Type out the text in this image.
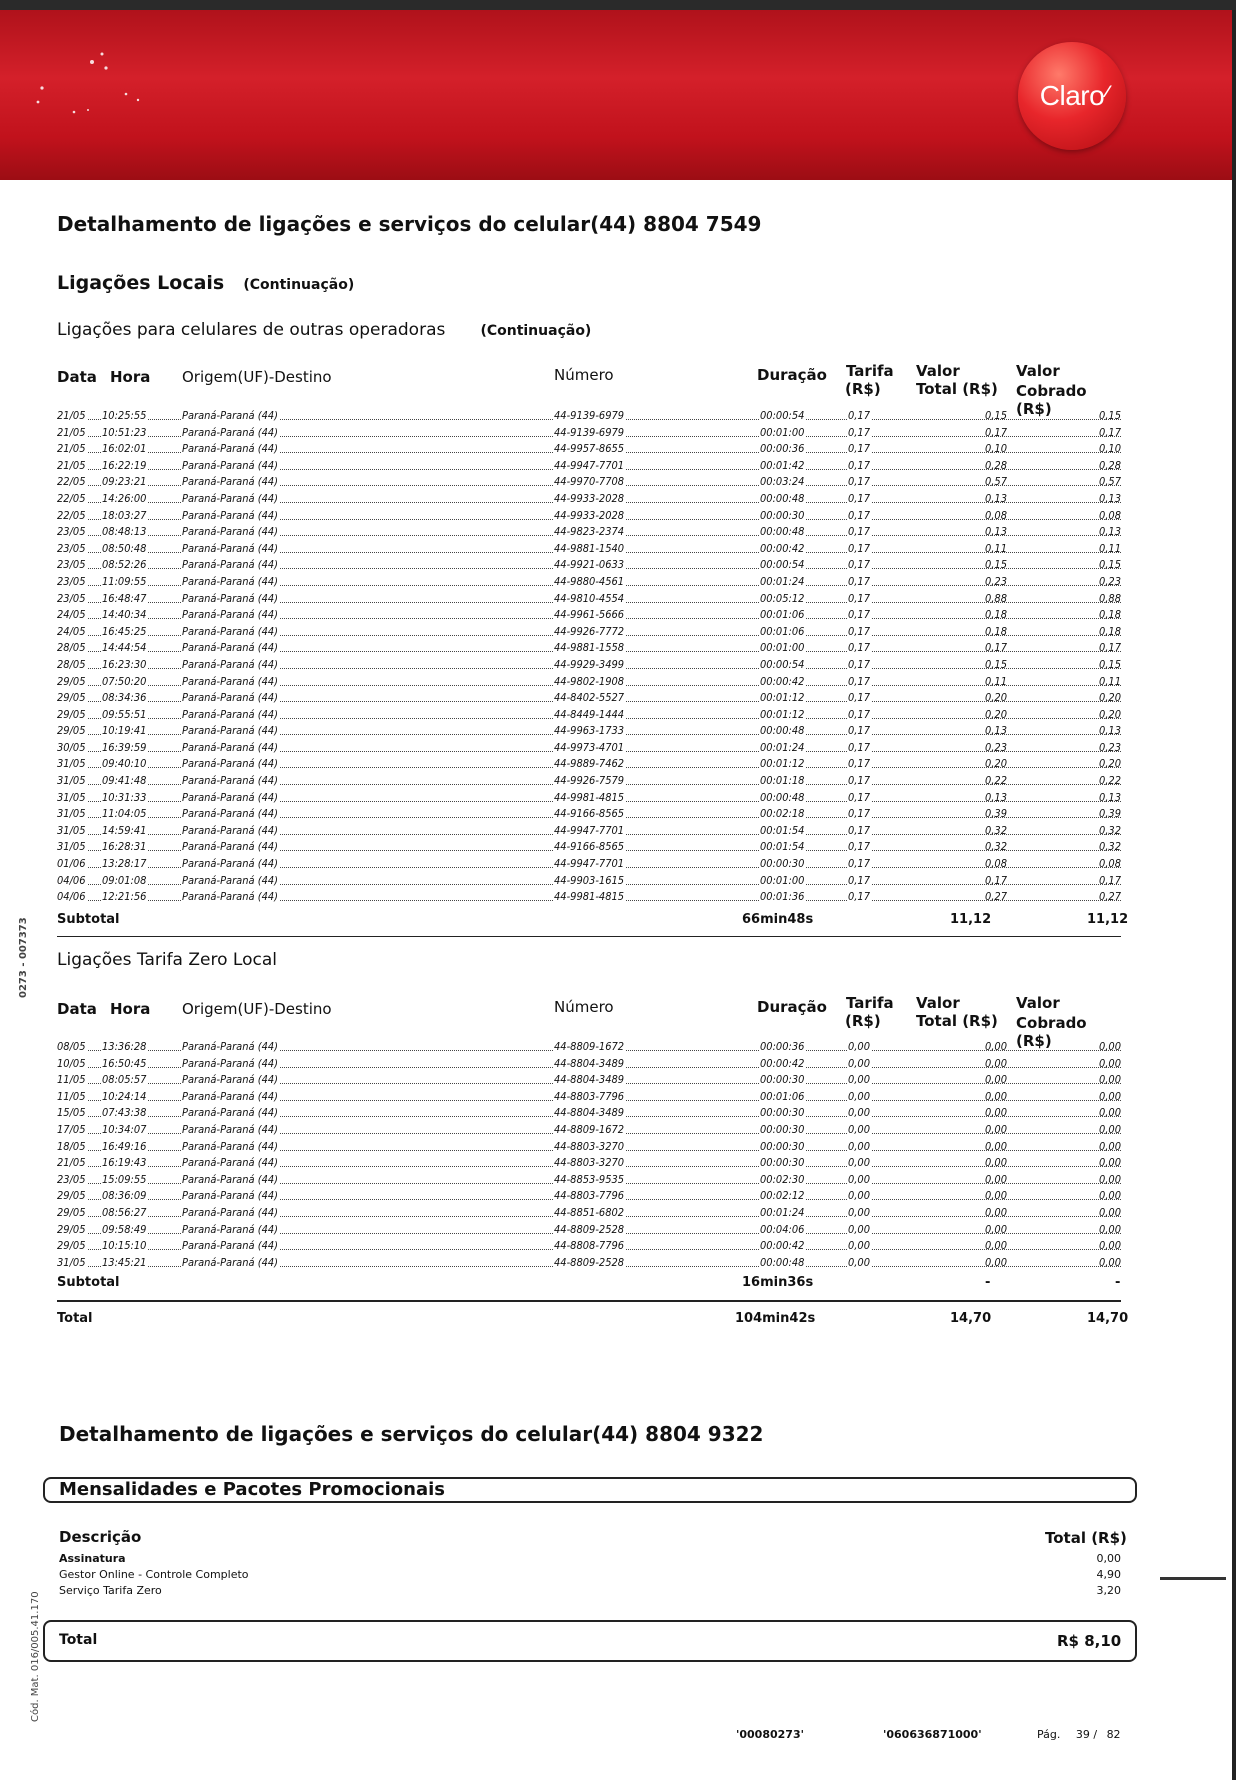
Claro ⁄
Detalhamento de ligações e serviços do celular(44) 8804 7549
Ligações Locais (Continuação)
Ligações para celulares de outras operadoras	(Continuação)
Data Hora Origem(UF)-Destino	Número	Duração Tarifa
(R$)
Valor
Total (R$)
Valor
Cobrado (R$)
21/05 10:25:55	Paraná-Paraná (44)	44-9139-6979	00:00:54	0,17	0,15	0,15
21/05 10:51:23	Paraná-Paraná (44)	44-9139-6979	00:01:00	0,17	0,17	0,17
21/05 16:02:01	Paraná-Paraná (44)	44-9957-8655	00:00:36	0,17	0,10	0,10
21/05 16:22:19	Paraná-Paraná (44)	44-9947-7701	00:01:42	0,17	0,28	0,28
22/05 09:23:21	Paraná-Paraná (44)	44-9970-7708	00:03:24	0,17	0,57	0,57
22/05 14:26:00	Paraná-Paraná (44)	44-9933-2028	00:00:48	0,17	0,13	0,13
22/05 18:03:27	Paraná-Paraná (44)	44-9933-2028	00:00:30	0,17	0,08	0,08
23/05 08:48:13	Paraná-Paraná (44)	44-9823-2374	00:00:48	0,17	0,13	0,13
23/05 08:50:48	Paraná-Paraná (44)	44-9881-1540	00:00:42	0,17	0,11	0,11
23/05 08:52:26	Paraná-Paraná (44)	44-9921-0633	00:00:54	0,17	0,15	0,15
23/05 11:09:55	Paraná-Paraná (44)	44-9880-4561	00:01:24	0,17	0,23	0,23
23/05 16:48:47	Paraná-Paraná (44)	44-9810-4554	00:05:12	0,17	0,88	0,88
24/05 14:40:34	Paraná-Paraná (44)	44-9961-5666	00:01:06	0,17	0,18	0,18
24/05 16:45:25	Paraná-Paraná (44)	44-9926-7772	00:01:06	0,17	0,18	0,18
28/05 14:44:54	Paraná-Paraná (44)	44-9881-1558	00:01:00	0,17	0,17	0,17
28/05 16:23:30	Paraná-Paraná (44)	44-9929-3499	00:00:54	0,17	0,15	0,15
29/05 07:50:20	Paraná-Paraná (44)	44-9802-1908	00:00:42	0,17	0,11	0,11
29/05 08:34:36	Paraná-Paraná (44)	44-8402-5527	00:01:12	0,17	0,20	0,20
29/05 09:55:51	Paraná-Paraná (44)	44-8449-1444	00:01:12	0,17	0,20	0,20
29/05 10:19:41	Paraná-Paraná (44)	44-9963-1733	00:00:48	0,17	0,13	0,13
30/05 16:39:59	Paraná-Paraná (44)	44-9973-4701	00:01:24	0,17	0,23	0,23
31/05 09:40:10	Paraná-Paraná (44)	44-9889-7462	00:01:12	0,17	0,20	0,20
31/05 09:41:48	Paraná-Paraná (44)	44-9926-7579	00:01:18	0,17	0,22	0,22
31/05 10:31:33	Paraná-Paraná (44)	44-9981-4815	00:00:48	0,17	0,13	0,13
31/05 11:04:05	Paraná-Paraná (44)	44-9166-8565	00:02:18	0,17	0,39	0,39
31/05 14:59:41	Paraná-Paraná (44)	44-9947-7701	00:01:54	0,17	0,32	0,32
31/05 16:28:31	Paraná-Paraná (44)	44-9166-8565	00:01:54	0,17	0,32	0,32
01/06 13:28:17	Paraná-Paraná (44)	44-9947-7701	00:00:30	0,17	0,08	0,08
04/06 09:01:08	Paraná-Paraná (44)	44-9903-1615	00:01:00	0,17	0,17	0,17
04/06 12:21:56	Paraná-Paraná (44)	44-9981-4815	00:01:36	0,17	0,27	0,27
Subtotal	66min48s	11,12	11,12
Ligações Tarifa Zero Local
Data Hora Origem(UF)-Destino	Número	Duração Tarifa
(R$)
Valor
Total (R$)
Valor
Cobrado (R$)
08/05 13:36:28	Paraná-Paraná (44)	44-8809-1672	00:00:36	0,00	0,00	0,00
10/05 16:50:45	Paraná-Paraná (44)	44-8804-3489	00:00:42	0,00	0,00	0,00
11/05 08:05:57	Paraná-Paraná (44)	44-8804-3489	00:00:30	0,00	0,00	0,00
11/05 10:24:14	Paraná-Paraná (44)	44-8803-7796	00:01:06	0,00	0,00	0,00
15/05 07:43:38	Paraná-Paraná (44)	44-8804-3489	00:00:30	0,00	0,00	0,00
17/05 10:34:07	Paraná-Paraná (44)	44-8809-1672	00:00:30	0,00	0,00	0,00
18/05 16:49:16	Paraná-Paraná (44)	44-8803-3270	00:00:30	0,00	0,00	0,00
21/05 16:19:43	Paraná-Paraná (44)	44-8803-3270	00:00:30	0,00	0,00	0,00
23/05 15:09:55	Paraná-Paraná (44)	44-8853-9535	00:02:30	0,00	0,00	0,00
29/05 08:36:09	Paraná-Paraná (44)	44-8803-7796	00:02:12	0,00	0,00	0,00
29/05 08:56:27	Paraná-Paraná (44)	44-8851-6802	00:01:24	0,00	0,00	0,00
29/05 09:58:49	Paraná-Paraná (44)	44-8809-2528	00:04:06	0,00	0,00	0,00
29/05 10:15:10	Paraná-Paraná (44)	44-8808-7796	00:00:42	0,00	0,00	0,00
31/05 13:45:21	Paraná-Paraná (44)	44-8809-2528	00:00:48	0,00	0,00	0,00
Subtotal	16min36s	-	-
Total	104min42s	14,70	14,70
Detalhamento de ligações e serviços do celular(44) 8804 9322
Mensalidades e Pacotes Promocionais
Descrição	Total (R$)
Assinatura	0,00
Gestor Online - Controle Completo	4,90
Serviço Tarifa Zero	3,20
Total	R$ 8,10
'00080273'	'060636871000'	Pág. 39 / 82
0273 - 007373
Cód. Mat. 016/005.41.170
